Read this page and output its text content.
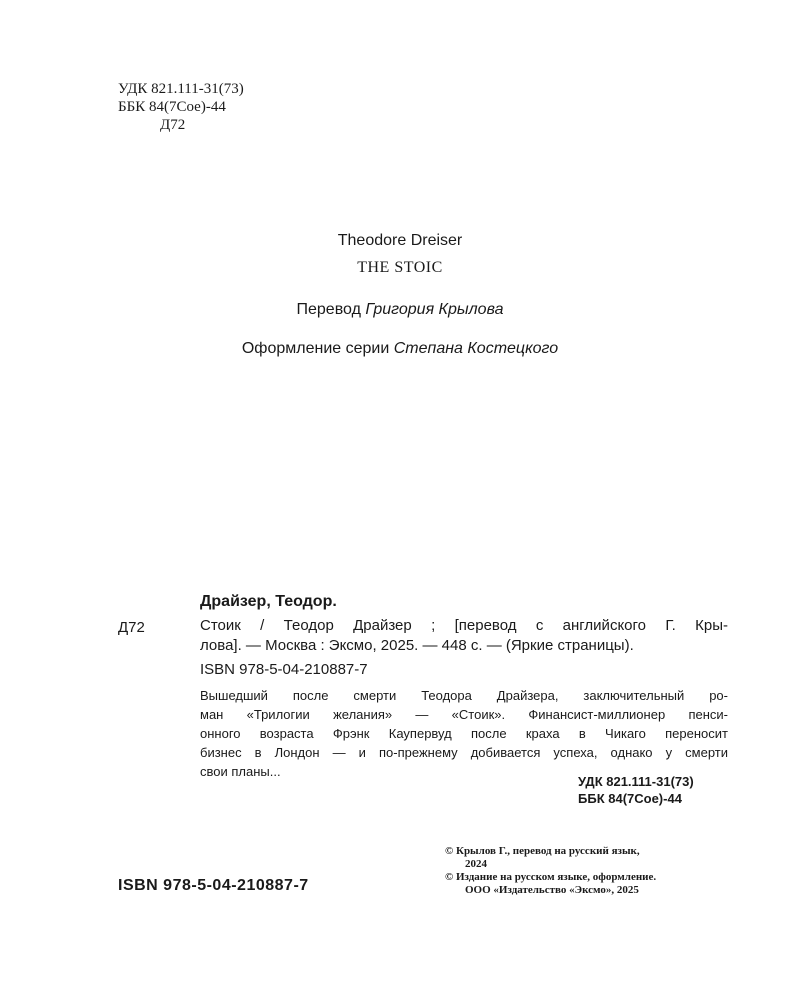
УДК 821.111-31(73)
ББК 84(7Сое)-44
Д72
Theodore Dreiser
THE STOIC
Перевод Григория Крылова
Оформление серии Степана Костецкого
Драйзер, Теодор.
Д72	Стоик / Теодор Драйзер ; [перевод с английского Г. Кры-
лова]. — Москва : Эксмо, 2025. — 448 с. — (Яркие страницы).
ISBN 978-5-04-210887-7
Вышедший после смерти Теодора Драйзера, заключительный ро-
ман «Трилогии желания» — «Стоик». Финансист-миллионер пенси-
онного возраста Фрэнк Каупервуд после краха в Чикаго переносит
бизнес в Лондон — и по-прежнему добивается успеха, однако у смерти
свои планы...
УДК 821.111-31(73)
ББК 84(7Сое)-44
ISBN 978-5-04-210887-7
© Крылов Г., перевод на русский язык,
2024
© Издание на русском языке, оформление.
ООО «Издательство «Эксмо», 2025
